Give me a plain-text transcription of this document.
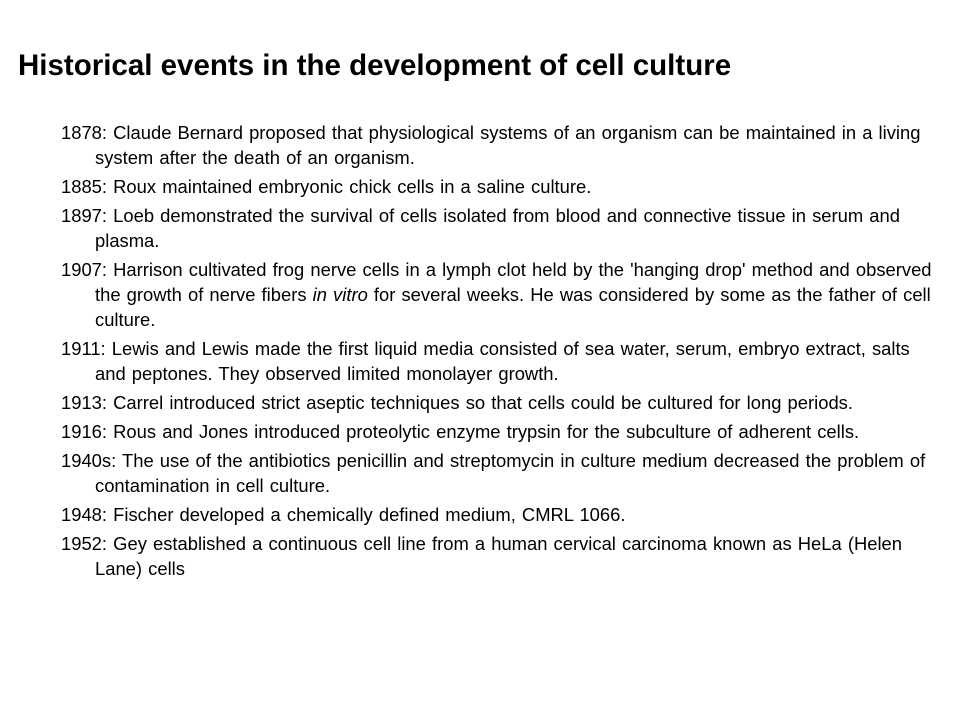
Historical events in the development of cell culture
1878: Claude Bernard proposed that physiological systems of an organism can be maintained in a living system after the death of an organism.
1885: Roux maintained embryonic chick cells in a saline culture.
1897: Loeb demonstrated the survival of cells isolated from blood and connective tissue in serum and plasma.
1907: Harrison cultivated frog nerve cells in a lymph clot held by the 'hanging drop' method and observed the growth of nerve fibers in vitro for several weeks. He was considered by some as the father of cell culture.
1911: Lewis and Lewis made the first liquid media consisted of sea water, serum, embryo extract, salts and peptones. They observed limited monolayer growth.
1913: Carrel introduced strict aseptic techniques so that cells could be cultured for long periods.
1916: Rous and Jones introduced proteolytic enzyme trypsin for the subculture of adherent cells.
1940s: The use of the antibiotics penicillin and streptomycin in culture medium decreased the problem of contamination in cell culture.
1948: Fischer developed a chemically defined medium, CMRL 1066.
1952: Gey established a continuous cell line from a human cervical carcinoma known as HeLa (Helen Lane) cells
